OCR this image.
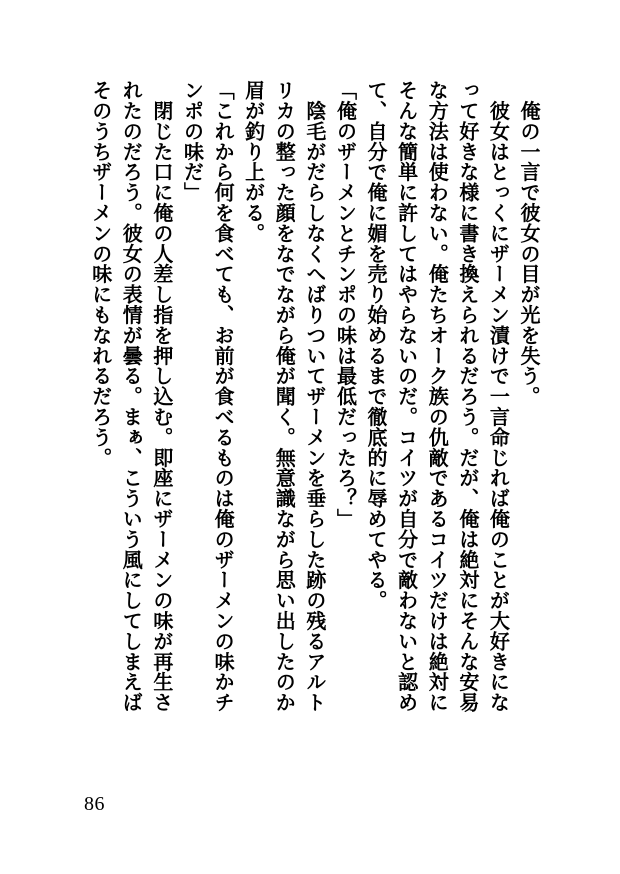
　俺の一言で彼女の目が光を失う。

　彼女はとっくにザーメン漬けで一言命じれば俺のことが大好きになって好きな様に書き換えられるだろう。だが、俺は絶対にそんな安易な方法は使わない。俺たちオーク族の仇敵であるコイツだけは絶対にそんな簡単に許してはやらないのだ。コイツが自分で敵わないと認めて、自分で俺に媚を売り始めるまで徹底的に辱めてやる。

「俺のザーメンとチンポの味は最低だったろ？」

　陰毛がだらしなくへばりついてザーメンを垂らした跡の残るアルトリカの整った顔をなでながら俺が聞く。無意識ながら思い出したのか眉が釣り上がる。

「これから何を食べても、お前が食べるものは俺のザーメンの味かチンポの味だ」

　閉じた口に俺の人差し指を押し込む。即座にザーメンの味が再生されたのだろう。彼女の表情が曇る。まぁ、こういう風にしてしまえばそのうちザーメンの味にもなれるだろう。

86
